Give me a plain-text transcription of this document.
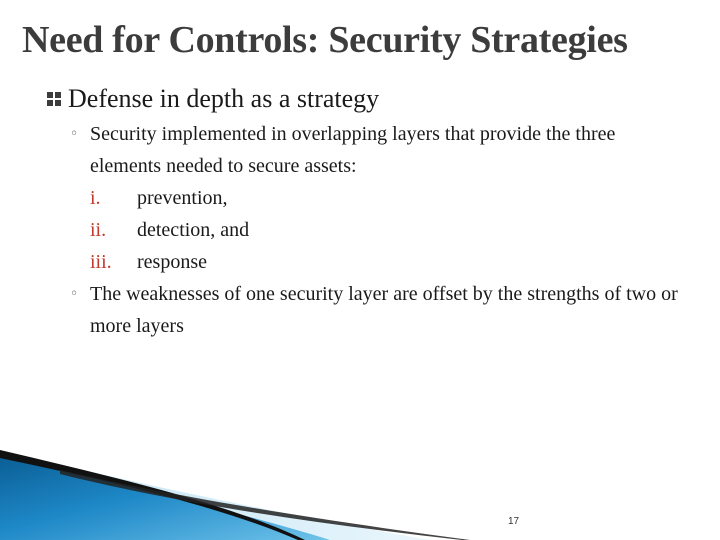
Need for Controls: Security Strategies
Defense in depth as a strategy
◦ Security implemented in overlapping layers that provide the three elements needed to secure assets:
i.	prevention,
ii.	detection, and
iii.	response
◦ The weaknesses of one security layer are offset by the strengths of two or more layers
17
